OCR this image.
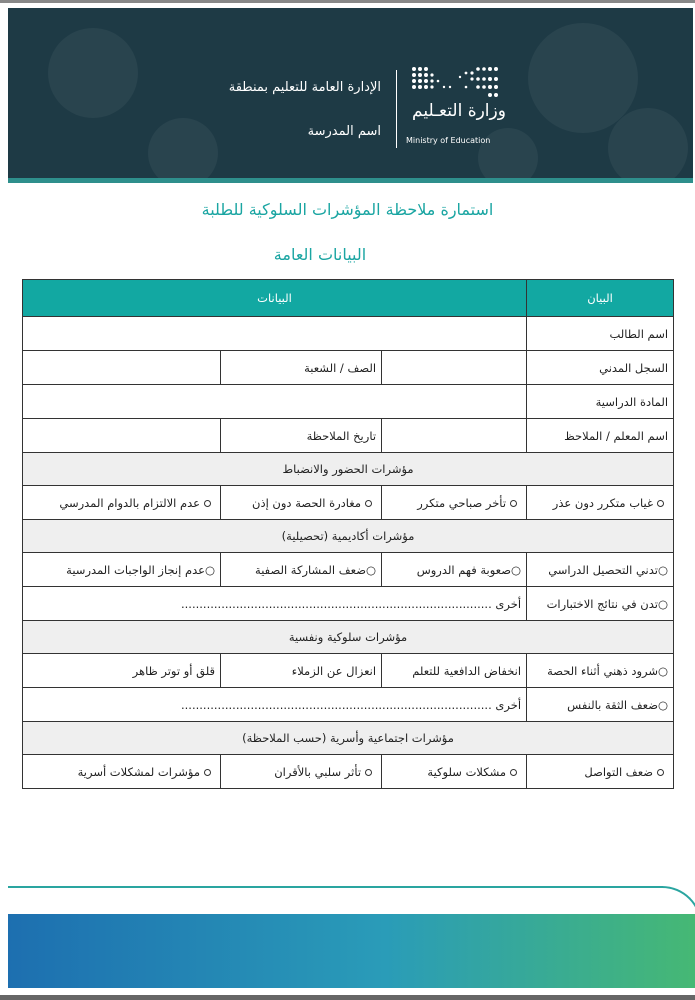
وزارة التعـليم
Ministry of Education
الإدارة العامة للتعليم بمنطقة
اسم المدرسة
استمارة ملاحظة المؤشرات السلوكية للطلبة
البيانات العامة
البيان	البيانات		
اسم الطالب			
السجل المدني		الصف / الشعبة	
المادة الدراسية			
اسم المعلم / الملاحظ		تاريخ الملاحظة	
مؤشرات الحضور والانضباط			
غياب متكرر دون عذر	تأخر صباحي متكرر	مغادرة الحصة دون إذن	عدم الالتزام بالدوام المدرسي
مؤشرات أكاديمية (تحصيلية)			
○تدني التحصيل الدراسي	○صعوبة فهم الدروس	○ضعف المشاركة الصفية	○عدم إنجاز الواجبات المدرسية
○تدن في نتائج الاختبارات	أخرى .....................................................................................		
مؤشرات سلوكية ونفسية			
○شرود ذهني أثناء الحصة	انخفاض الدافعية للتعلم	انعزال عن الزملاء	قلق أو توتر ظاهر
○ضعف الثقة بالنفس	أخرى .....................................................................................		
مؤشرات اجتماعية وأسرية (حسب الملاحظة)			
ضعف التواصل	مشكلات سلوكية	تأثر سلبي بالأقران	مؤشرات لمشكلات أسرية
